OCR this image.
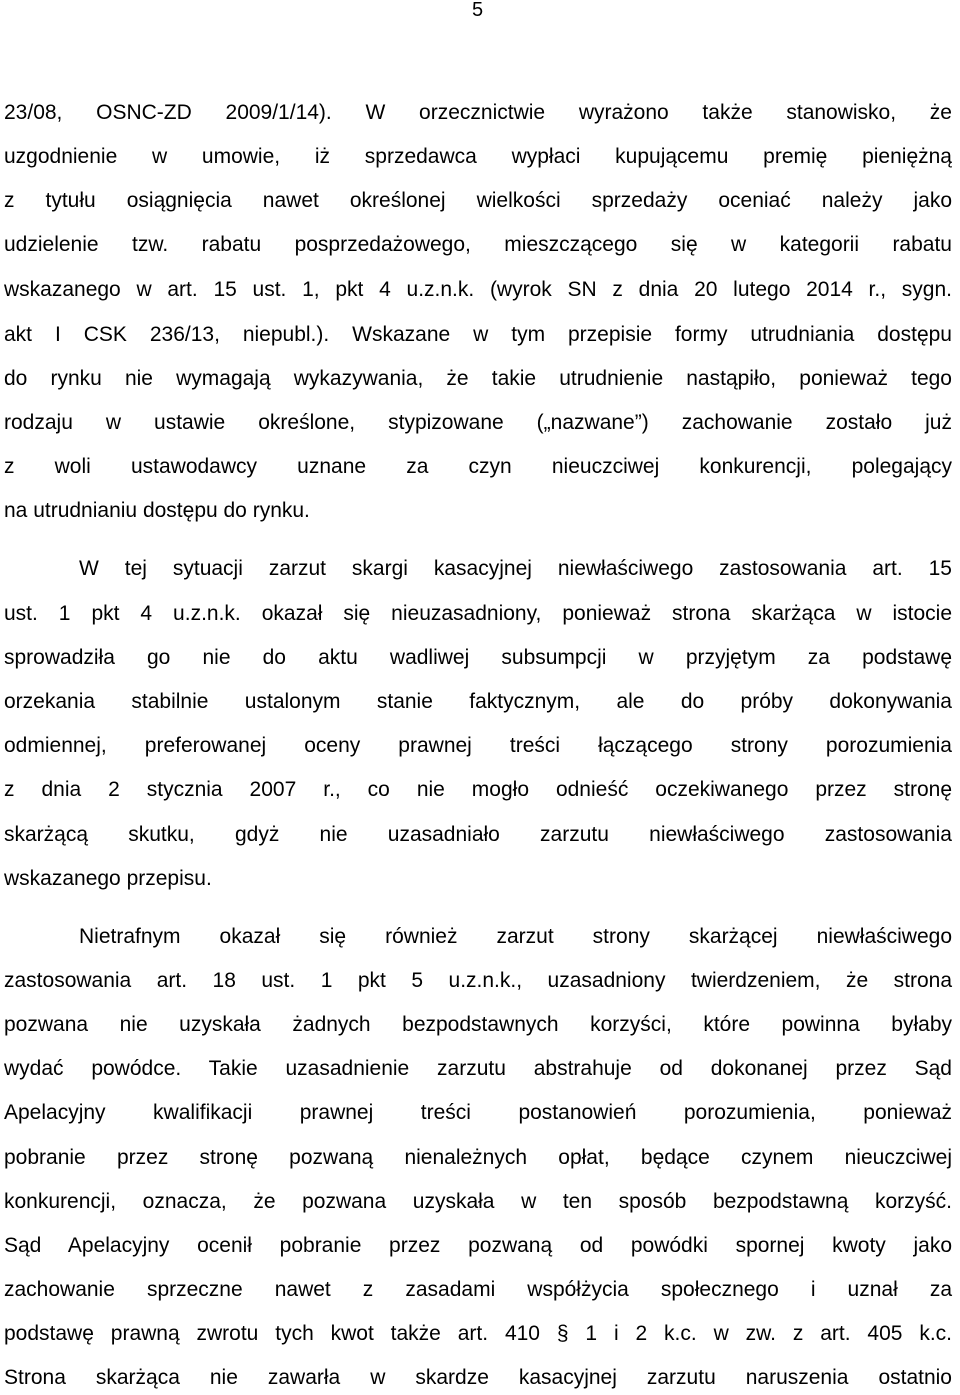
5
23/08, OSNC-ZD 2009/1/14). W orzecznictwie wyrażono także stanowisko, że
uzgodnienie w umowie, iż sprzedawca wypłaci kupującemu premię pieniężną
z tytułu osiągnięcia nawet określonej wielkości sprzedaży oceniać należy jako
udzielenie tzw. rabatu posprzedażowego, mieszczącego się w kategorii rabatu
wskazanego w art. 15 ust. 1, pkt 4 u.z.n.k. (wyrok SN z dnia 20 lutego 2014 r., sygn.
akt I CSK 236/13, niepubl.). Wskazane w tym przepisie formy utrudniania dostępu
do rynku nie wymagają wykazywania, że takie utrudnienie nastąpiło, ponieważ tego
rodzaju w ustawie określone, stypizowane („nazwane”) zachowanie zostało już
z woli ustawodawcy uznane za czyn nieuczciwej konkurencji, polegający
na utrudnianiu dostępu do rynku.
W tej sytuacji zarzut skargi kasacyjnej niewłaściwego zastosowania art. 15
ust. 1 pkt 4 u.z.n.k. okazał się nieuzasadniony, ponieważ strona skarżąca w istocie
sprowadziła go nie do aktu wadliwej subsumpcji w przyjętym za podstawę
orzekania stabilnie ustalonym stanie faktycznym, ale do próby dokonywania
odmiennej, preferowanej oceny prawnej treści łączącego strony porozumienia
z dnia 2 stycznia 2007 r., co nie mogło odnieść oczekiwanego przez stronę
skarżącą skutku, gdyż nie uzasadniało zarzutu niewłaściwego zastosowania
wskazanego przepisu.
Nietrafnym okazał się również zarzut strony skarżącej niewłaściwego
zastosowania art. 18 ust. 1 pkt 5 u.z.n.k., uzasadniony twierdzeniem, że strona
pozwana nie uzyskała żadnych bezpodstawnych korzyści, które powinna byłaby
wydać powódce. Takie uzasadnienie zarzutu abstrahuje od dokonanej przez Sąd
Apelacyjny kwalifikacji prawnej treści postanowień porozumienia, ponieważ
pobranie przez stronę pozwaną nienależnych opłat, będące czynem nieuczciwej
konkurencji, oznacza, że pozwana uzyskała w ten sposób bezpodstawną korzyść.
Sąd Apelacyjny ocenił pobranie przez pozwaną od powódki spornej kwoty jako
zachowanie sprzeczne nawet z zasadami współżycia społecznego i uznał za
podstawę prawną zwrotu tych kwot także art. 410 § 1 i 2 k.c. w zw. z art. 405 k.c.
Strona skarżąca nie zawarła w skardze kasacyjnej zarzutu naruszenia ostatnio
